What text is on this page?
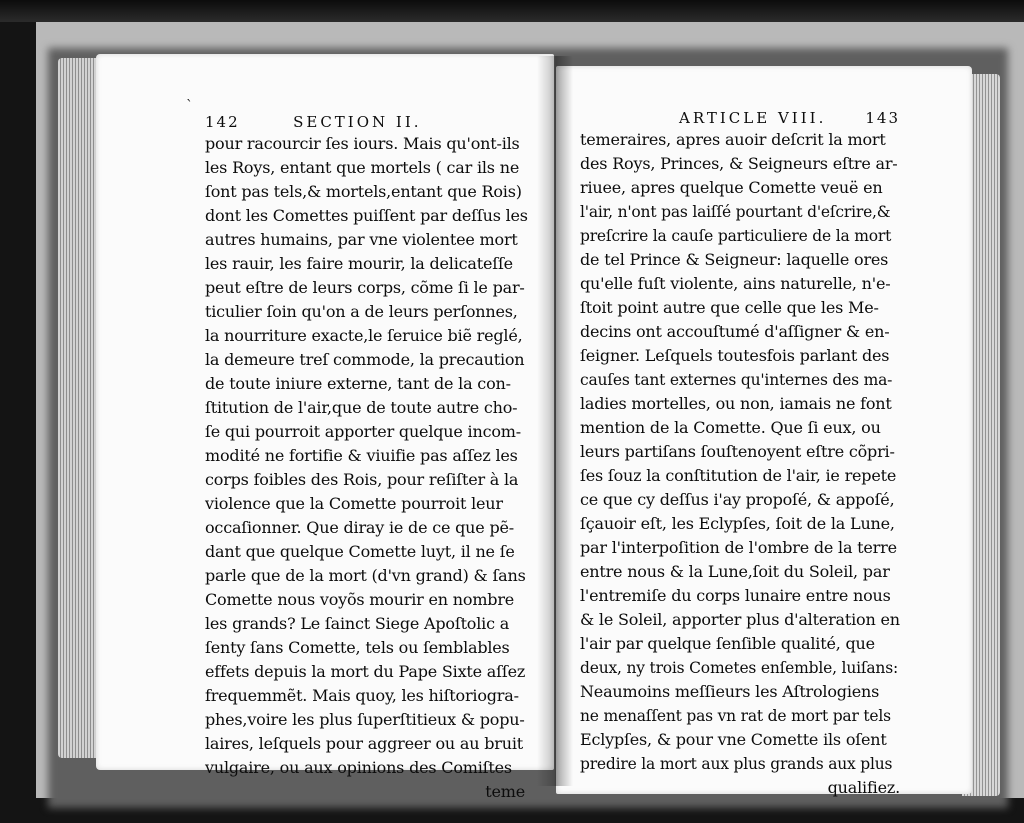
`
142	SECTION II.
pour racourcir ſes iours. Mais qu'ont-ils
les Roys, entant que mortels ( car ils ne
ſont pas tels,& mortels,entant que Rois)
dont les Comettes puiſſent par deſſus les
autres humains, par vne violentee mort
les rauir, les faire mourir, la delicateſſe
peut eſtre de leurs corps, cõme ſi le par-
ticulier ſoin qu'on a de leurs perſonnes,
la nourriture exacte,le ſeruice biẽ reglé,
la demeure treſ commode, la precaution
de toute iniure externe, tant de la con-
ſtitution de l'air,que de toute autre cho-
ſe qui pourroit apporter quelque incom-
modité ne fortifie & viuifie pas aſſez les
corps foibles des Rois, pour reſiſter à la
violence que la Comette pourroit leur
occaſionner. Que diray ie de ce que pẽ-
dant que quelque Comette luyt, il ne ſe
parle que de la mort (d'vn grand) & ſans
Comette nous voyõs mourir en nombre
les grands? Le ſainct Siege Apoſtolic a
ſenty ſans Comette, tels ou ſemblables
effets depuis la mort du Pape Sixte aſſez
frequemmẽt. Mais quoy, les hiſtoriogra-
phes,voire les plus ſuperſtitieux & popu-
laires, leſquels pour aggreer ou au bruit
vulgaire, ou aux opinions des Comiſtes
teme
ARTICLE VIII.	143
temeraires, apres auoir deſcrit la mort
des Roys, Princes, & Seigneurs eſtre ar-
riuee, apres quelque Comette veuë en
l'air, n'ont pas laiſſé pourtant d'eſcrire,&
preſcrire la cauſe particuliere de la mort
de tel Prince & Seigneur: laquelle ores
qu'elle fuſt violente, ains naturelle, n'e-
ſtoit point autre que celle que les Me-
decins ont accouſtumé d'aſſigner & en-
ſeigner. Leſquels toutesfois parlant des
cauſes tant externes qu'internes des ma-
ladies mortelles, ou non, iamais ne font
mention de la Comette. Que ſi eux, ou
leurs partiſans ſouſtenoyent eſtre cõpri-
ſes ſouz la conſtitution de l'air, ie repete
ce que cy deſſus i'ay propoſé, & appoſé,
ſçauoir eſt, les Eclypſes, ſoit de la Lune,
par l'interpoſition de l'ombre de la terre
entre nous & la Lune,ſoit du Soleil, par
l'entremiſe du corps lunaire entre nous
& le Soleil, apporter plus d'alteration en
l'air par quelque ſenſible qualité, que
deux, ny trois Cometes enſemble, luiſans:
Neaumoins meſſieurs les Aſtrologiens
ne menaſſent pas vn rat de mort par tels
Eclypſes, & pour vne Comette ils oſent
predire la mort aux plus grands aux plus
qualifiez.
